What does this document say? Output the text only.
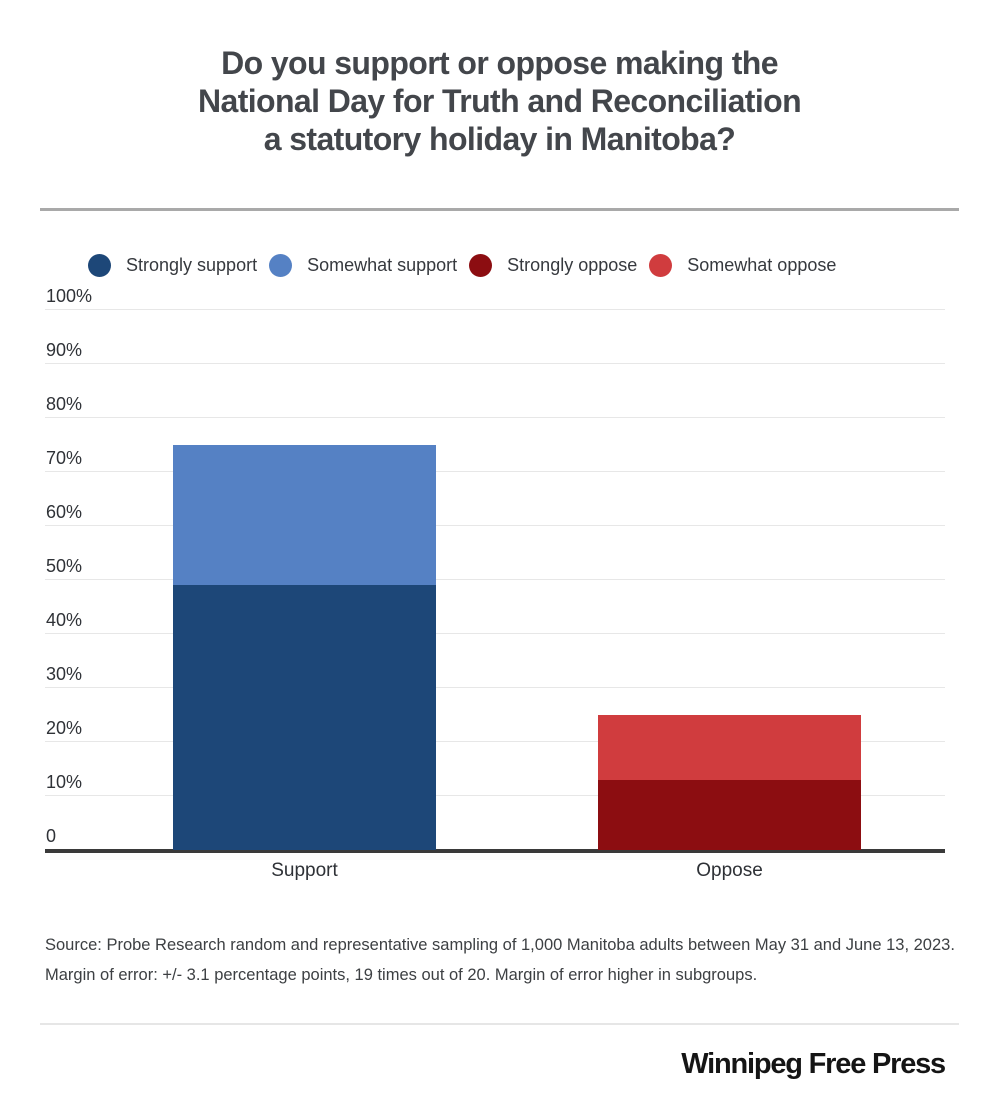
Do you support or oppose making the
National Day for Truth and Reconciliation
a statutory holiday in Manitoba?
Strongly support	Somewhat support	Strongly oppose	Somewhat oppose
100%
90%
80%
70%
60%
50%
40%
30%
20%
10%
0
Support	Oppose
Source: Probe Research random and representative sampling of 1,000 Manitoba adults between May 31 and June 13, 2023.
Margin of error: +/- 3.1 percentage points, 19 times out of 20. Margin of error higher in subgroups.
Winnipeg Free Press
